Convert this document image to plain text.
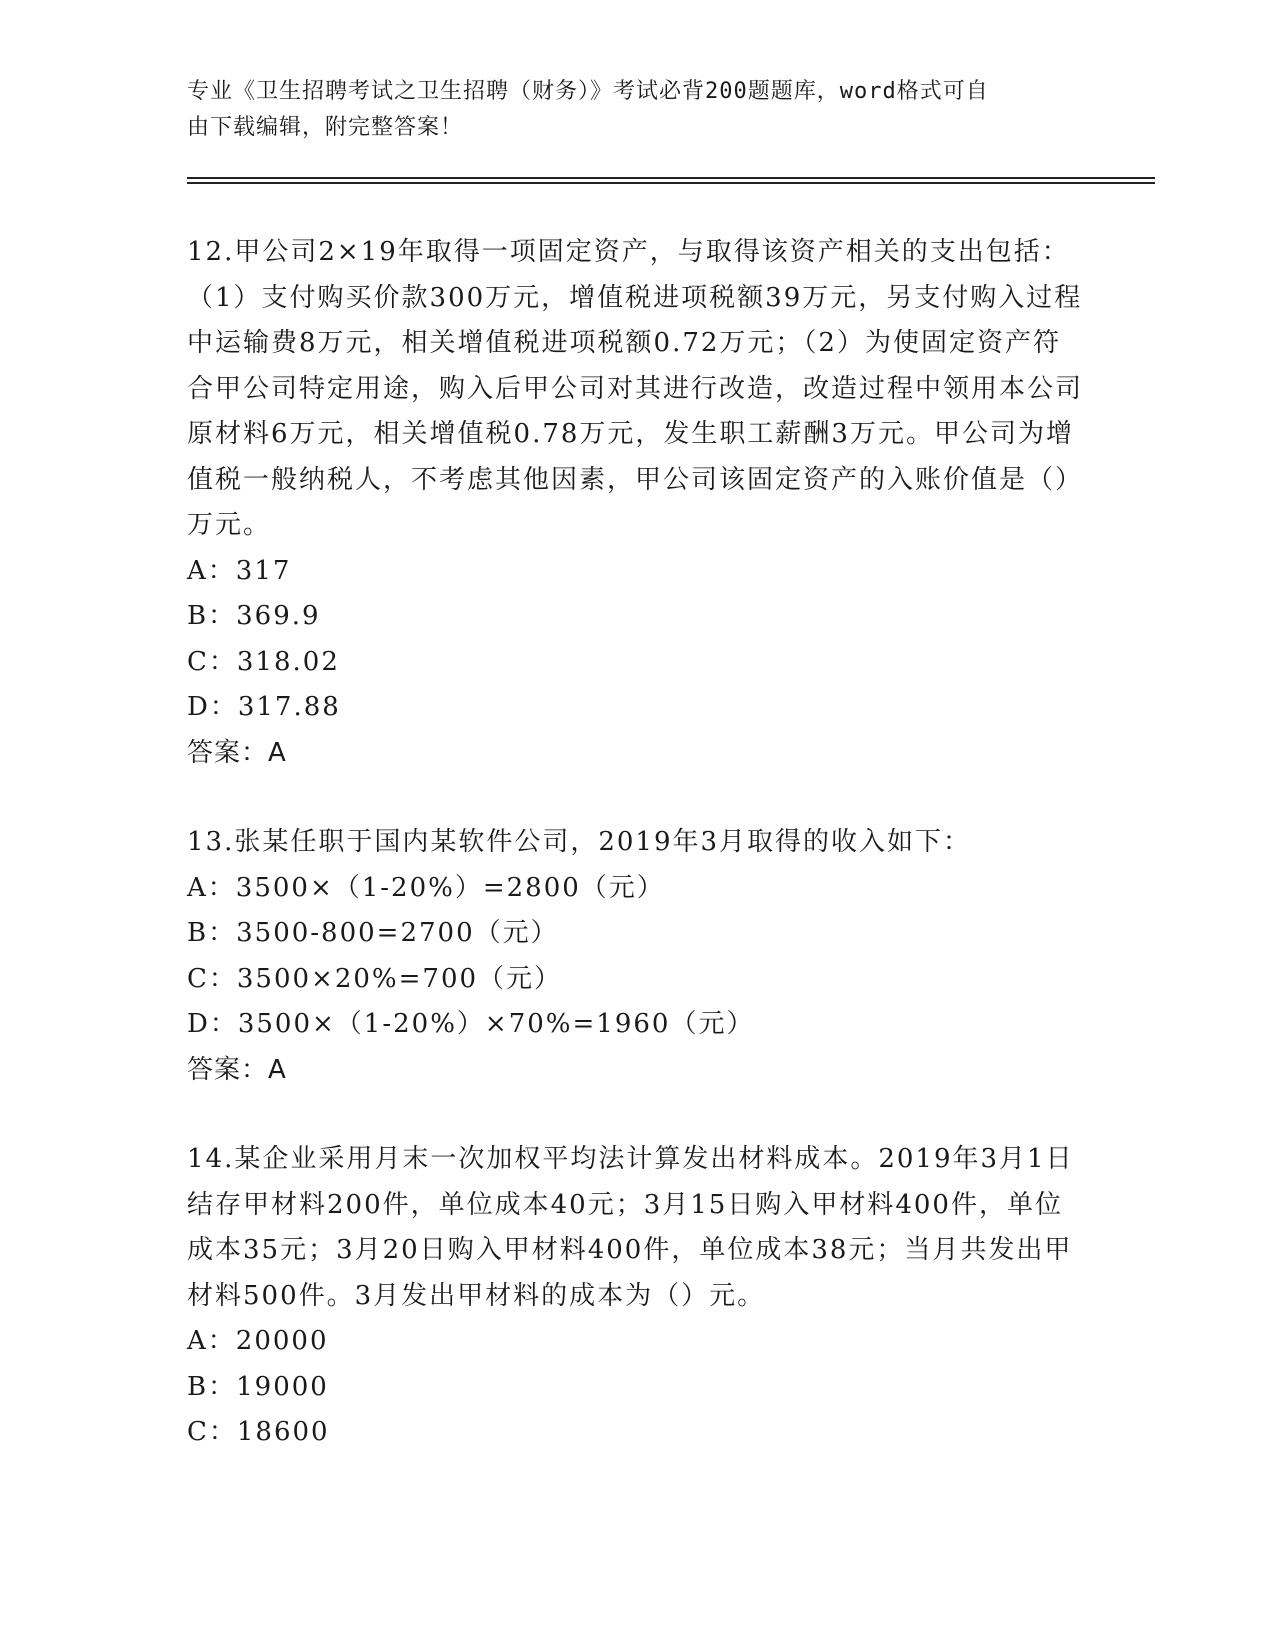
专业《卫生招聘考试之卫生招聘（财务）》考试必背200题题库，word格式可自
由下载编辑，附完整答案！
12.甲公司2×19年取得一项固定资产，与取得该资产相关的支出包括：（1）支付购买价款300万元，增值税进项税额39万元，另支付购入过程中运输费8万元，相关增值税进项税额0.72万元；（2）为使固定资产符合甲公司特定用途，购入后甲公司对其进行改造，改造过程中领用本公司原材料6万元，相关增值税0.78万元，发生职工薪酬3万元。甲公司为增值税一般纳税人，不考虑其他因素，甲公司该固定资产的入账价值是（）万元。
A：317
B：369.9
C：318.02
D：317.88
答案：A
13.张某任职于国内某软件公司，2019年3月取得的收入如下：
A：3500×（1-20%）=2800（元）
B：3500-800=2700（元）
C：3500×20%=700（元）
D：3500×（1-20%）×70%=1960（元）
答案：A
14.某企业采用月末一次加权平均法计算发出材料成本。2019年3月1日结存甲材料200件，单位成本40元；3月15日购入甲材料400件，单位成本35元；3月20日购入甲材料400件，单位成本38元；当月共发出甲材料500件。3月发出甲材料的成本为（）元。
A：20000
B：19000
C：18600
